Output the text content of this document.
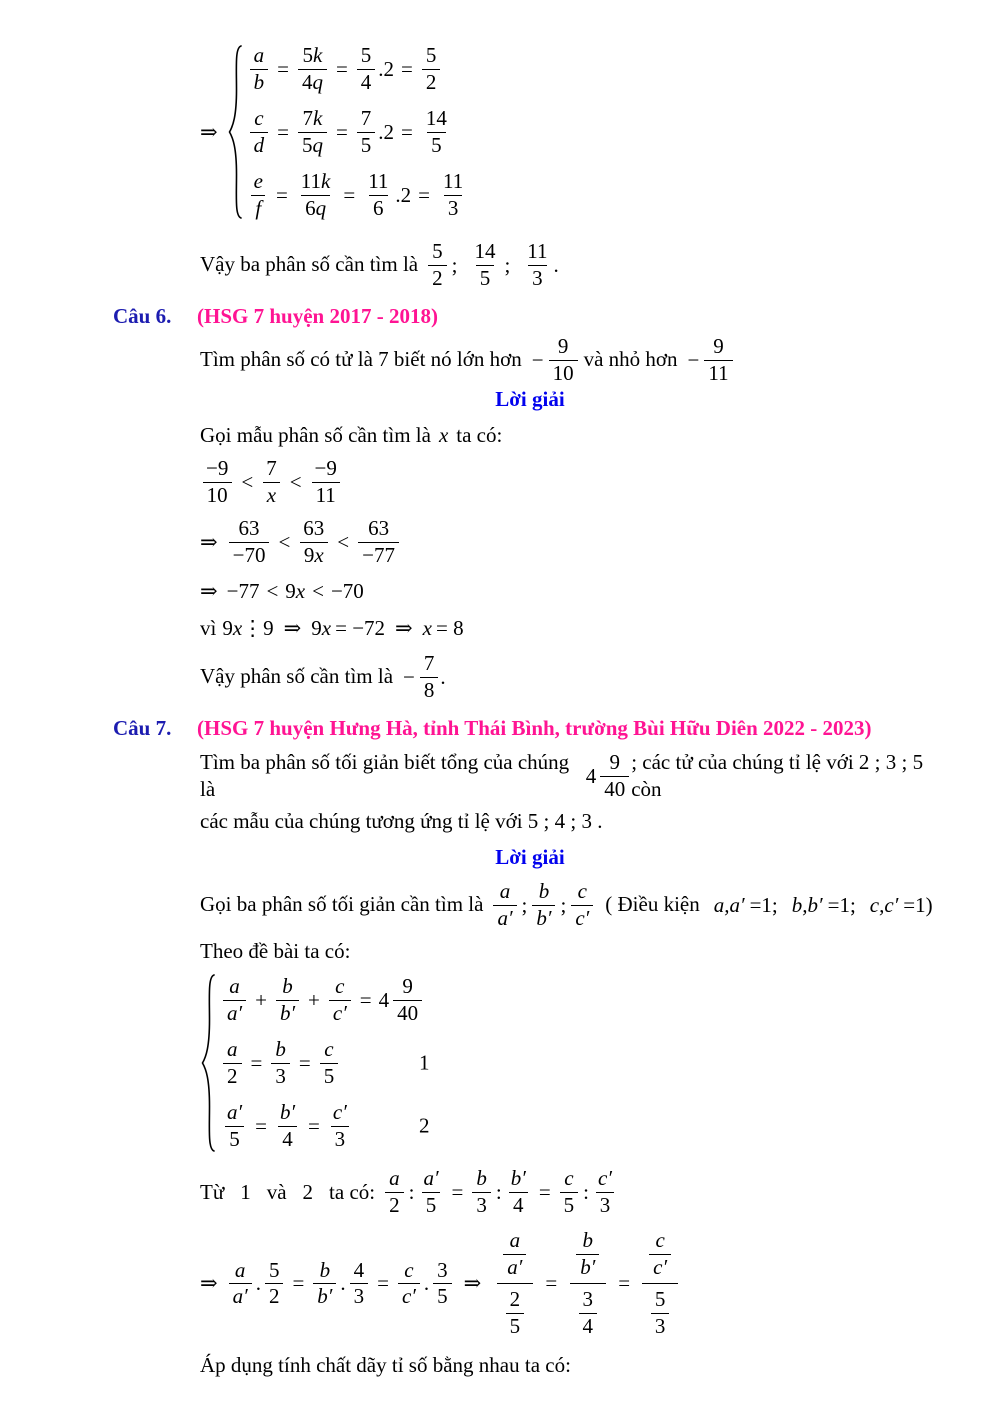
⇒
$\frac{a}{b} = \frac{5k}{4q} = \frac{5}{4} .2 = \frac{5}{2}$
$\frac{c}{d} = \frac{7k}{5q} = \frac{7}{5} .2 = \frac{14}{5}$
$\frac{e}{f} = \frac{11k}{6q} = \frac{11}{6} .2 = \frac{11}{3}$
Vậy ba phân số cần tìm là $\frac{5}{2}$ ; $\frac{14}{5}$ ; $\frac{11}{3}$ .
Câu 6.	(HSG 7 huyện 2017 - 2018)
Tìm phân số có tử là 7 biết nó lớn hơn − $\frac{9}{10}$ và nhỏ hơn − $\frac{9}{11}$
Lời giải
Gọi mẫu phân số cần tìm là x ta có:
$\frac{-9}{10} < \frac{7}{x} < \frac{-9}{11}$
⇒ $\frac{63}{-70} < \frac{63}{9x} < \frac{63}{-77}$
⇒ −77 < 9 x < −70
vì 9 x ⋮9 ⇒ 9 x = −72 ⇒ x = 8
Vậy phân số cần tìm là − $\frac{7}{8}$ .
Câu 7.	(HSG 7 huyện Hưng Hà, tỉnh Thái Bình, trường Bùi Hữu Diên 2022 - 2023)
Tìm ba phân số tối giản biết tổng của chúng là
$4 \frac{9}{40}$ ; các tử của chúng tỉ lệ với 2 ; 3 ; 5 còn
các mẫu của chúng tương ứng tỉ lệ với 5 ; 4 ; 3 .
Lời giải
Gọi ba phân số tối giản cần tìm là $\frac{a}{a'}$ ; $\frac{b}{b'}$ ; $\frac{c}{c'}$ ( Điều kiện a,a′ =1; b,b′ =1; c,c′ =1)
Theo đề bài ta có:
$\frac{a}{a'} + \frac{b}{b'} + \frac{c}{c'} = 4 \frac{9}{40}$
$\frac{a}{2} = \frac{b}{3} = \frac{c}{5}$	1
$\frac{a'}{5} = \frac{b'}{4} = \frac{c'}{3}$	2
Từ 1 và 2 ta có: $\frac{a}{2}$ : $\frac{a'}{5} = \frac{b}{3}$ : $\frac{b'}{4} = \frac{c}{5}$ : $\frac{c'}{3}$
⇒ $\frac{a}{a'}$ . $\frac{5}{2} = \frac{b}{b'}$ . $\frac{4}{3} = \frac{c}{c'}$ . $\frac{3}{5}$ ⇒ $\frac{\frac{a}{a'}}{\frac{2}{5}} = \frac{\frac{b}{b'}}{\frac{3}{4}} = \frac{\frac{c}{c'}}{\frac{5}{3}}$
Áp dụng tính chất dãy tỉ số bằng nhau ta có:
